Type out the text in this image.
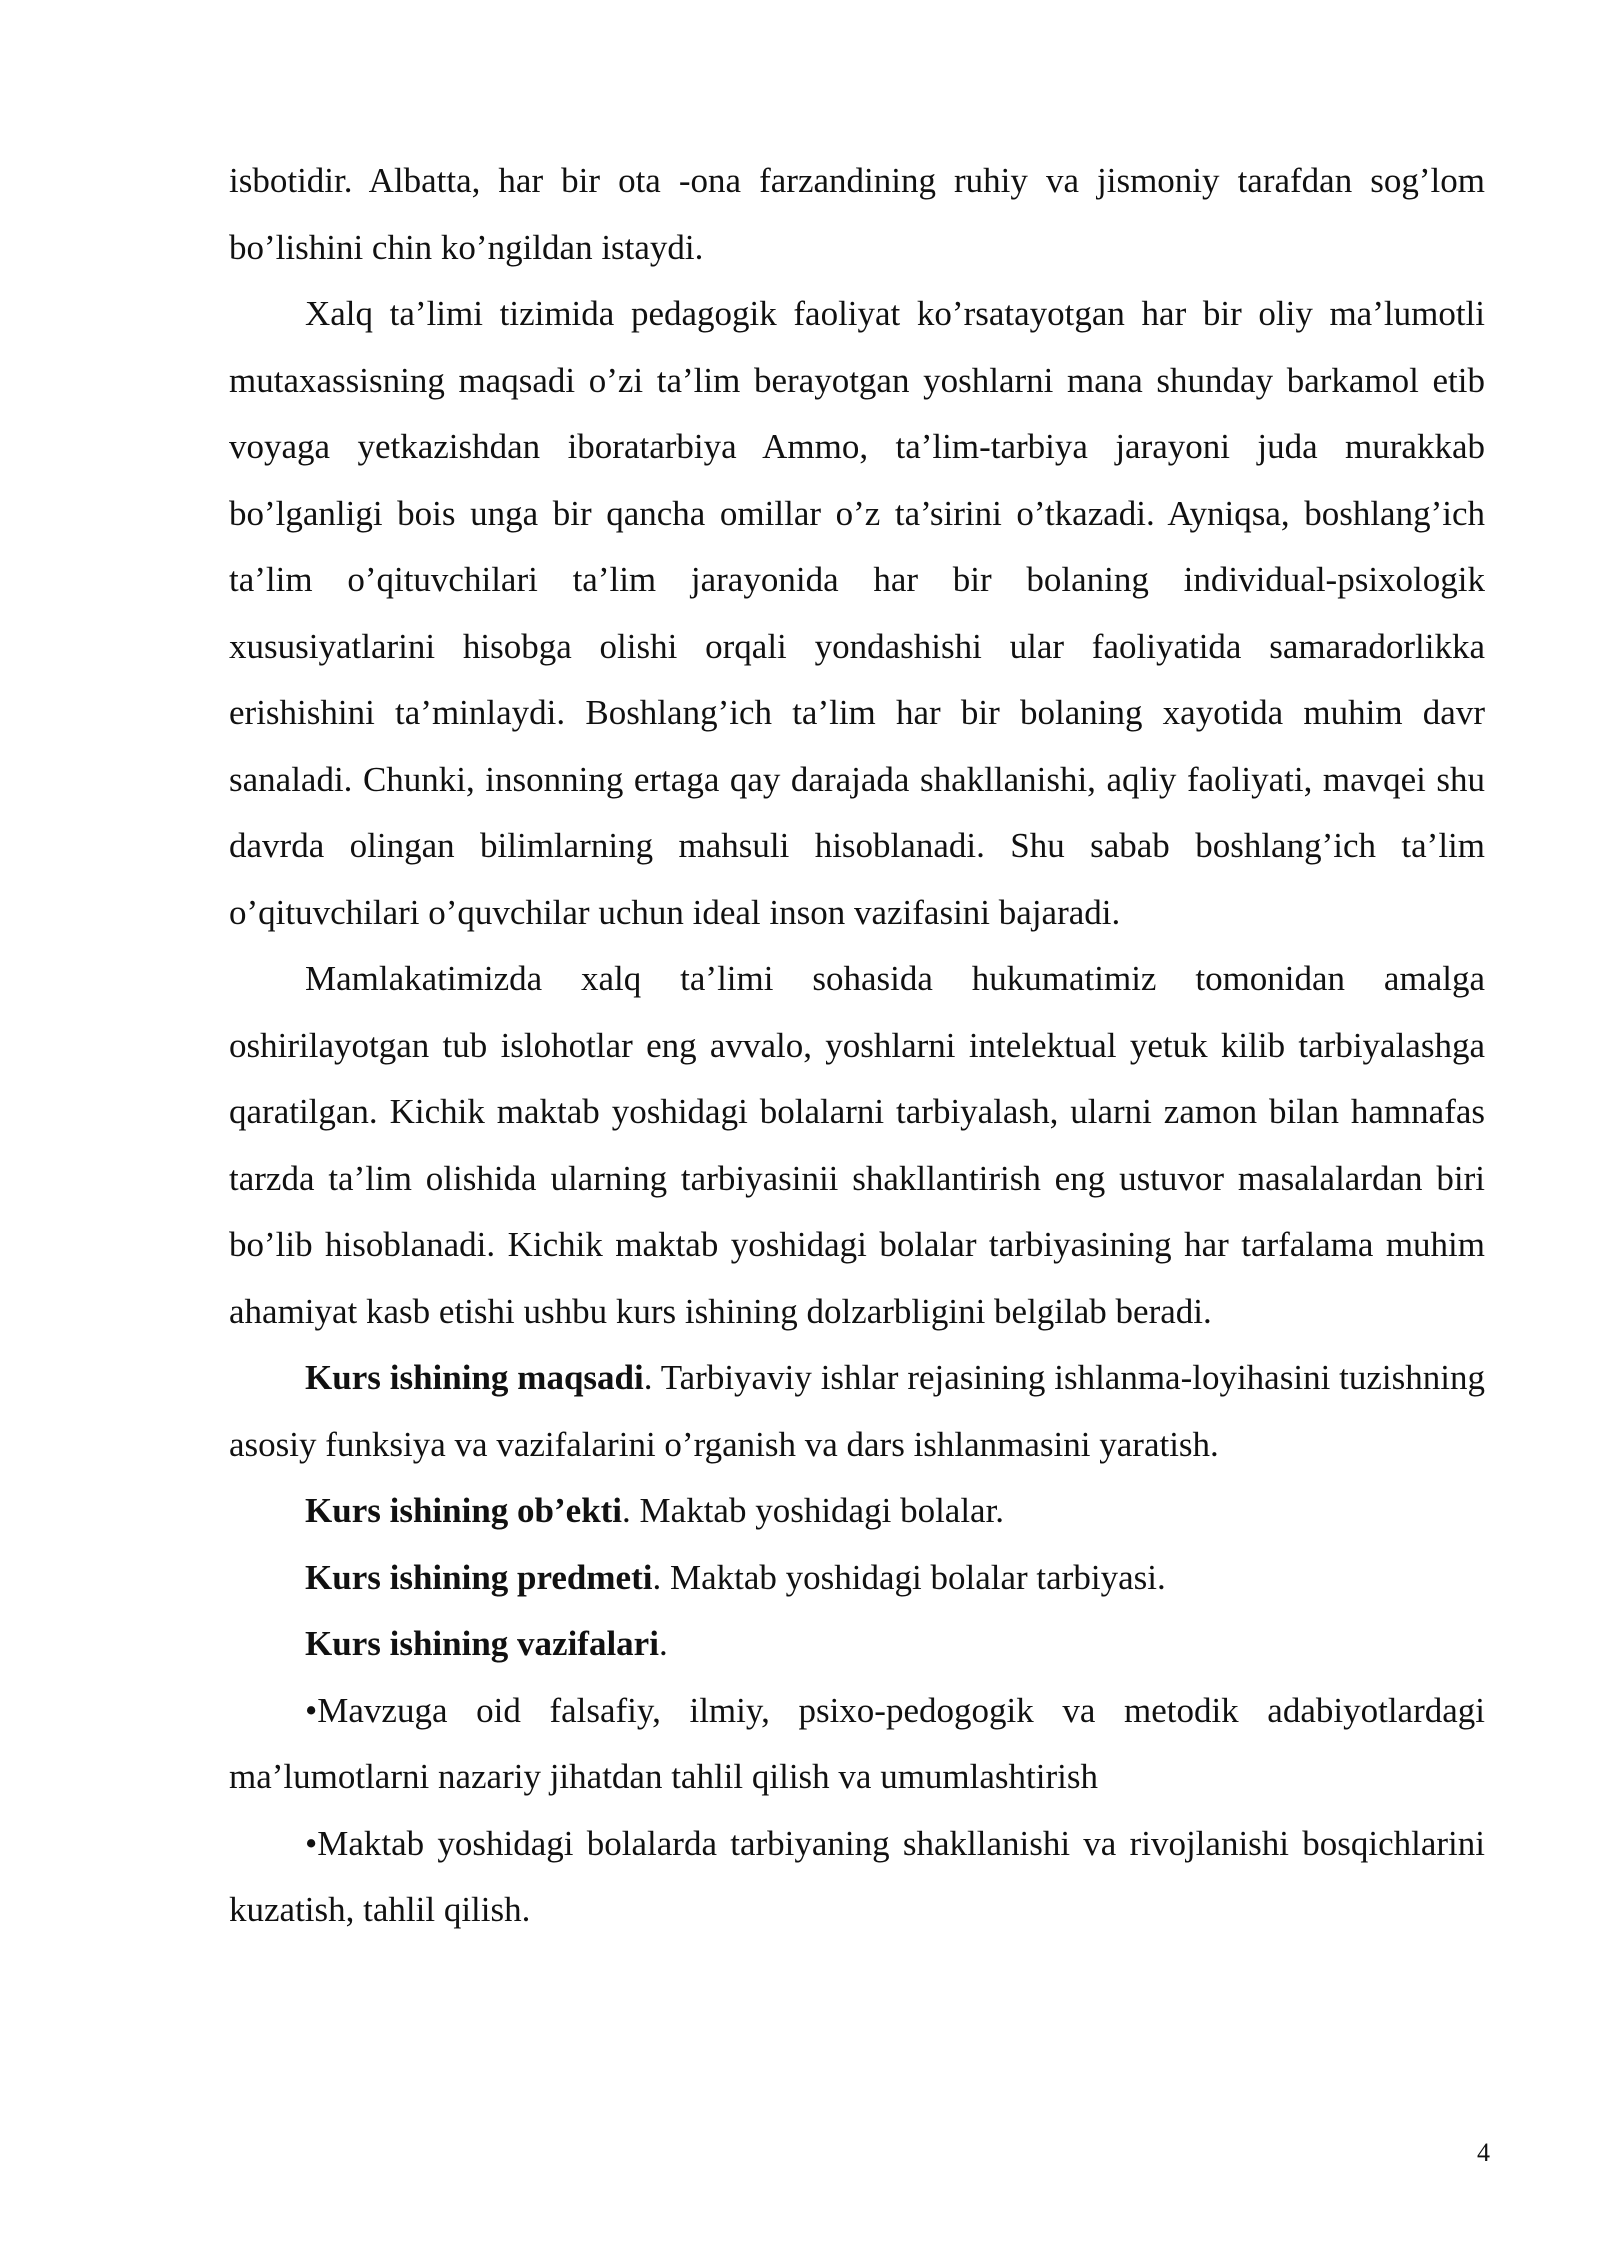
isbotidir. Albatta, har bir ota -ona farzandining ruhiy va jismoniy tarafdan sog’lom bo’lishini chin ko’ngildan istaydi.

Xalq ta’limi tizimida pedagogik faoliyat ko’rsatayotgan har bir oliy ma’lumotli mutaxassisning maqsadi o’zi ta’lim berayotgan yoshlarni mana shunday barkamol etib voyaga yetkazishdan iboratarbiya Ammo, ta’lim-tarbiya jarayoni juda murakkab bo’lganligi bois unga bir qancha omillar o’z ta’sirini o’tkazadi. Ayniqsa, boshlang’ich ta’lim o’qituvchilari ta’lim jarayonida har bir bolaning individual-psixologik xususiyatlarini hisobga olishi orqali yondashishi ular faoliyatida samaradorlikka erishishini ta’minlaydi. Boshlang’ich ta’lim har bir bolaning xayotida muhim davr sanaladi. Chunki, insonning ertaga qay darajada shakllanishi, aqliy faoliyati, mavqei shu davrda olingan bilimlarning mahsuli hisoblanadi. Shu sabab boshlang’ich ta’lim o’qituvchilari o’quvchilar uchun ideal inson vazifasini bajaradi.

Mamlakatimizda xalq ta’limi sohasida hukumatimiz tomonidan amalga oshirilayotgan tub islohotlar eng avvalo, yoshlarni intelektual yetuk kilib tarbiyalashga qaratilgan. Kichik maktab yoshidagi bolalarni tarbiyalash, ularni zamon bilan hamnafas tarzda ta’lim olishida ularning tarbiyasinii shakllantirish eng ustuvor masalalardan biri bo’lib hisoblanadi. Kichik maktab yoshidagi bolalar tarbiyasining har tarfalama muhim ahamiyat kasb etishi ushbu kurs ishining dolzarbligini belgilab beradi.

Kurs ishining maqsadi. Tarbiyaviy ishlar rejasining ishlanma-loyihasini tuzishning asosiy funksiya va vazifalarini o’rganish va dars ishlanmasini yaratish.

Kurs ishining ob’ekti. Maktab yoshidagi bolalar.

Kurs ishining predmeti. Maktab yoshidagi bolalar tarbiyasi.

Kurs ishining vazifalari.

•Mavzuga oid falsafiy, ilmiy, psixo-pedogogik va metodik adabiyotlardagi ma’lumotlarni nazariy jihatdan tahlil qilish va umumlashtirish

•Maktab yoshidagi bolalarda tarbiyaning shakllanishi va rivojlanishi bosqichlarini kuzatish, tahlil qilish.

4
